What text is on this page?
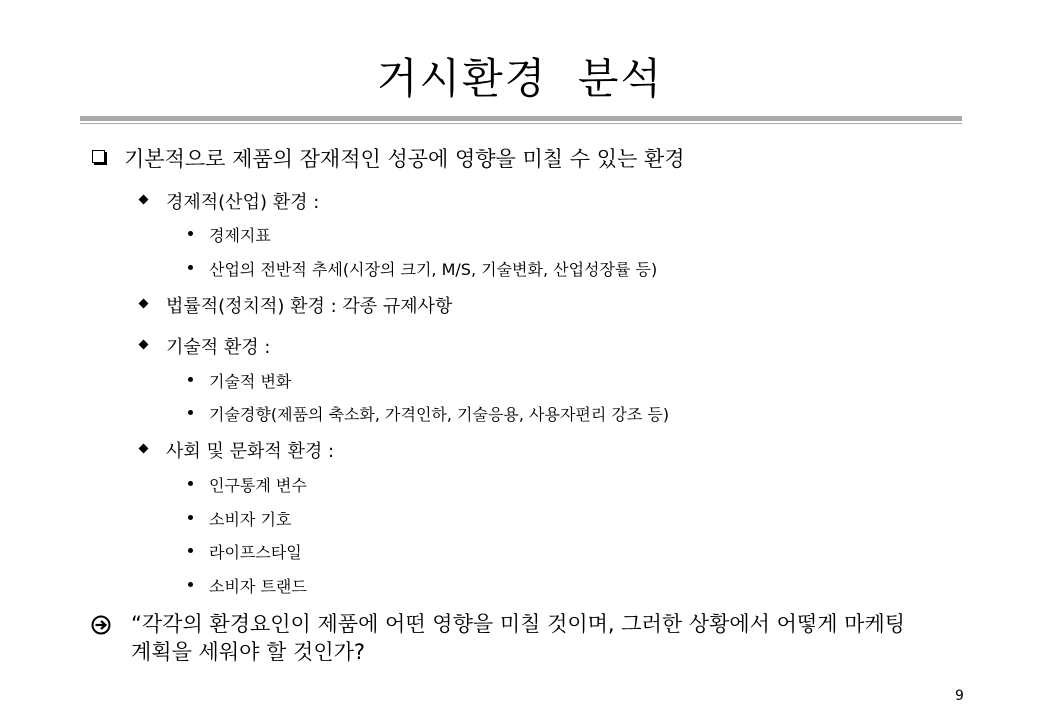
거시환경  분석
기본적으로 제품의 잠재적인 성공에 영향을 미칠 수 있는 환경
경제적(산업) 환경 :
경제지표
산업의 전반적 추세(시장의 크기, M/S, 기술변화, 산업성장률 등)
법률적(정치적) 환경 : 각종 규제사항
기술적 환경 :
기술적 변화
기술경향(제품의 축소화, 가격인하, 기술응용, 사용자편리 강조 등)
사회 및 문화적 환경 :
인구통계 변수
소비자 기호
라이프스타일
소비자 트랜드
“각각의 환경요인이 제품에 어떤 영향을 미칠 것이며, 그러한 상황에서 어떻게 마케팅
계획을 세워야 할 것인가?
9
